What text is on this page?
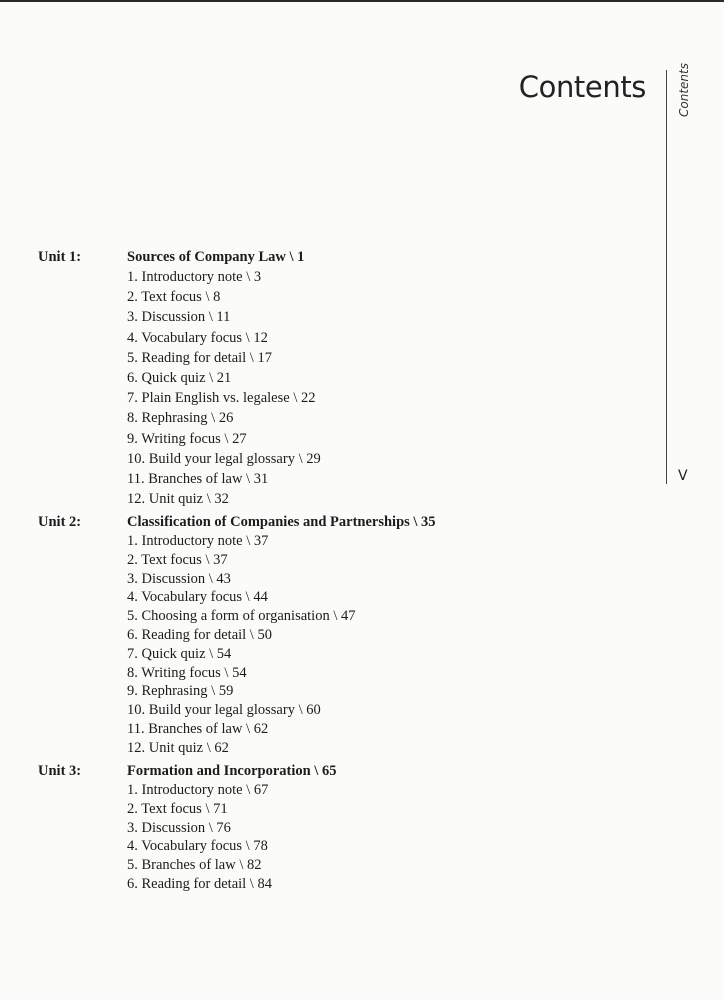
Contents	Contents
V
Unit 1:	Sources of Company Law \ 1
1. Introductory note \ 3
2. Text focus \ 8
3. Discussion \ 11
4. Vocabulary focus \ 12
5. Reading for detail \ 17
6. Quick quiz \ 21
7. Plain English vs. legalese \ 22
8. Rephrasing \ 26
9. Writing focus \ 27
10. Build your legal glossary \ 29
11. Branches of law \ 31
12. Unit quiz \ 32
Unit 2:	Classification of Companies and Partnerships \ 35
1. Introductory note \ 37
2. Text focus \ 37
3. Discussion \ 43
4. Vocabulary focus \ 44
5. Choosing a form of organisation \ 47
6. Reading for detail \ 50
7. Quick quiz \ 54
8. Writing focus \ 54
9. Rephrasing \ 59
10. Build your legal glossary \ 60
11. Branches of law \ 62
12. Unit quiz \ 62
Unit 3:	Formation and Incorporation \ 65
1. Introductory note \ 67
2. Text focus \ 71
3. Discussion \ 76
4. Vocabulary focus \ 78
5. Branches of law \ 82
6. Reading for detail \ 84
